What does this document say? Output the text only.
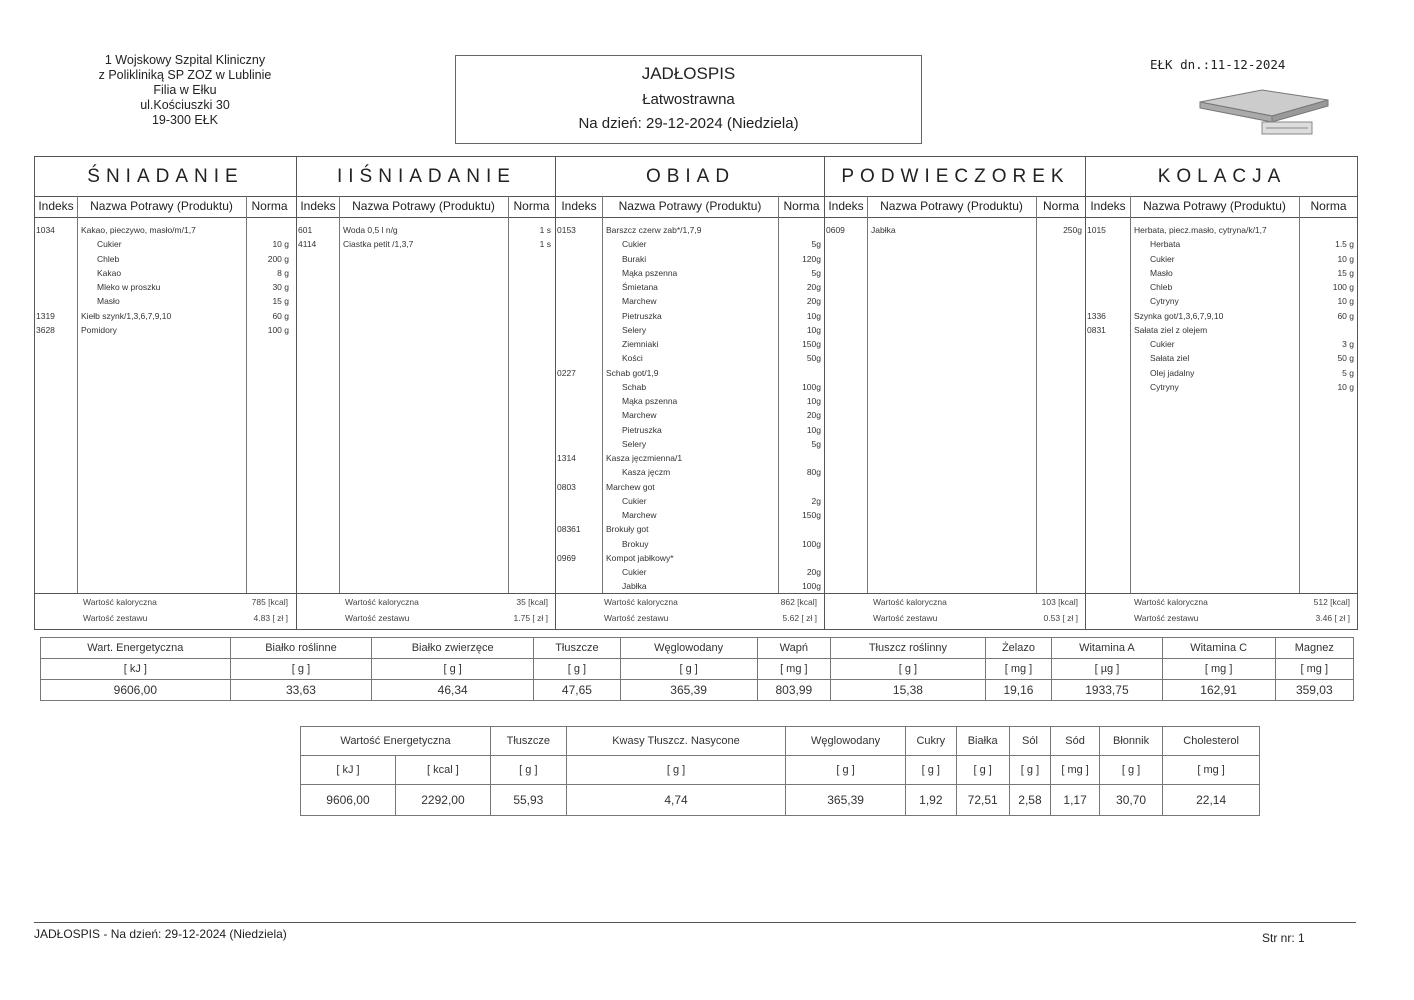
1 Wojskowy Szpital Kliniczny
z Polikliniką SP ZOZ w Lublinie
Filia w Ełku
ul.Kościuszki 30
19-300 EŁK
JADŁOSPIS
Łatwostrawna
Na dzień: 29-12-2024 (Niedziela)
EŁK dn.:11-12-2024
ŚNIADANIE
Indeks	Nazwa Potrawy (Produktu)	Norma
1034	Kakao, pieczywo, masło/m/1,7
Cukier	10 g
Chleb	200 g
Kakao	8 g
Mleko w proszku	30 g
Masło	15 g
1319	Kiełb szynk/1,3,6,7,9,10	60 g
3628	Pomidory	100 g
Wartość kaloryczna	785 [kcal]
Wartość zestawu	4.83 [ zł ]
IIŚNIADANIE
Indeks	Nazwa Potrawy (Produktu)	Norma
601	Woda 0,5 l n/g	1 s
4114	Ciastka petit /1,3,7	1 s
Wartość kaloryczna	35 [kcal]
Wartość zestawu	1.75 [ zł ]
OBIAD
Indeks	Nazwa Potrawy (Produktu)	Norma
0153	Barszcz czerw zab*/1,7,9
Cukier	5g
Buraki	120g
Mąka pszenna	5g
Śmietana	20g
Marchew	20g
Pietruszka	10g
Selery	10g
Ziemniaki	150g
Kości	50g
0227	Schab got/1,9
Schab	100g
Mąka pszenna	10g
Marchew	20g
Pietruszka	10g
Selery	5g
1314	Kasza jęczmienna/1
Kasza jęczm	80g
0803	Marchew got
Cukier	2g
Marchew	150g
08361	Brokuły got
Brokuy	100g
0969	Kompot jabłkowy*
Cukier	20g
Jabłka	100g
Wartość kaloryczna	862 [kcal]
Wartość zestawu	5.62 [ zł ]
PODWIECZOREK
Indeks	Nazwa Potrawy (Produktu)	Norma
0609	Jabłka	250g
Wartość kaloryczna	103 [kcal]
Wartość zestawu	0.53 [ zł ]
KOLACJA
Indeks	Nazwa Potrawy (Produktu)	Norma
1015	Herbata, piecz.masło, cytryna/k/1,7
Herbata	1.5 g
Cukier	10 g
Masło	15 g
Chleb	100 g
Cytryny	10 g
1336	Szynka got/1,3,6,7,9,10	60 g
0831	Sałata ziel z olejem
Cukier	3 g
Sałata ziel	50 g
Olej jadalny	5 g
Cytryny	10 g
Wartość kaloryczna	512 [kcal]
Wartość zestawu	3.46 [ zł ]
Wart. Energetyczna	Białko roślinne	Białko zwierzęce	Tłuszcze	Węglowodany	Wapń	Tłuszcz roślinny	Żelazo	Witamina A	Witamina C	Magnez
[ kJ ]	[ g ]	[ g ]	[ g ]	[ g ]	[ mg ]	[ g ]	[ mg ]	[ µg ]	[ mg ]	[ mg ]
9606,00	33,63	46,34	47,65	365,39	803,99	15,38	19,16	1933,75	162,91	359,03
Wartość Energetyczna		Tłuszcze	Kwasy Tłuszcz. Nasycone	Węglowodany	Cukry	Białka	Sól	Sód	Błonnik	Cholesterol
[ kJ ]	[ kcal ]	[ g ]	[ g ]	[ g ]	[ g ]	[ g ]	[ g ]	[ mg ]	[ g ]	[ mg ]
9606,00	2292,00	55,93	4,74	365,39	1,92	72,51	2,58	1,17	30,70	22,14
JADŁOSPIS - Na dzień: 29-12-2024 (Niedziela)	Str nr: 1
